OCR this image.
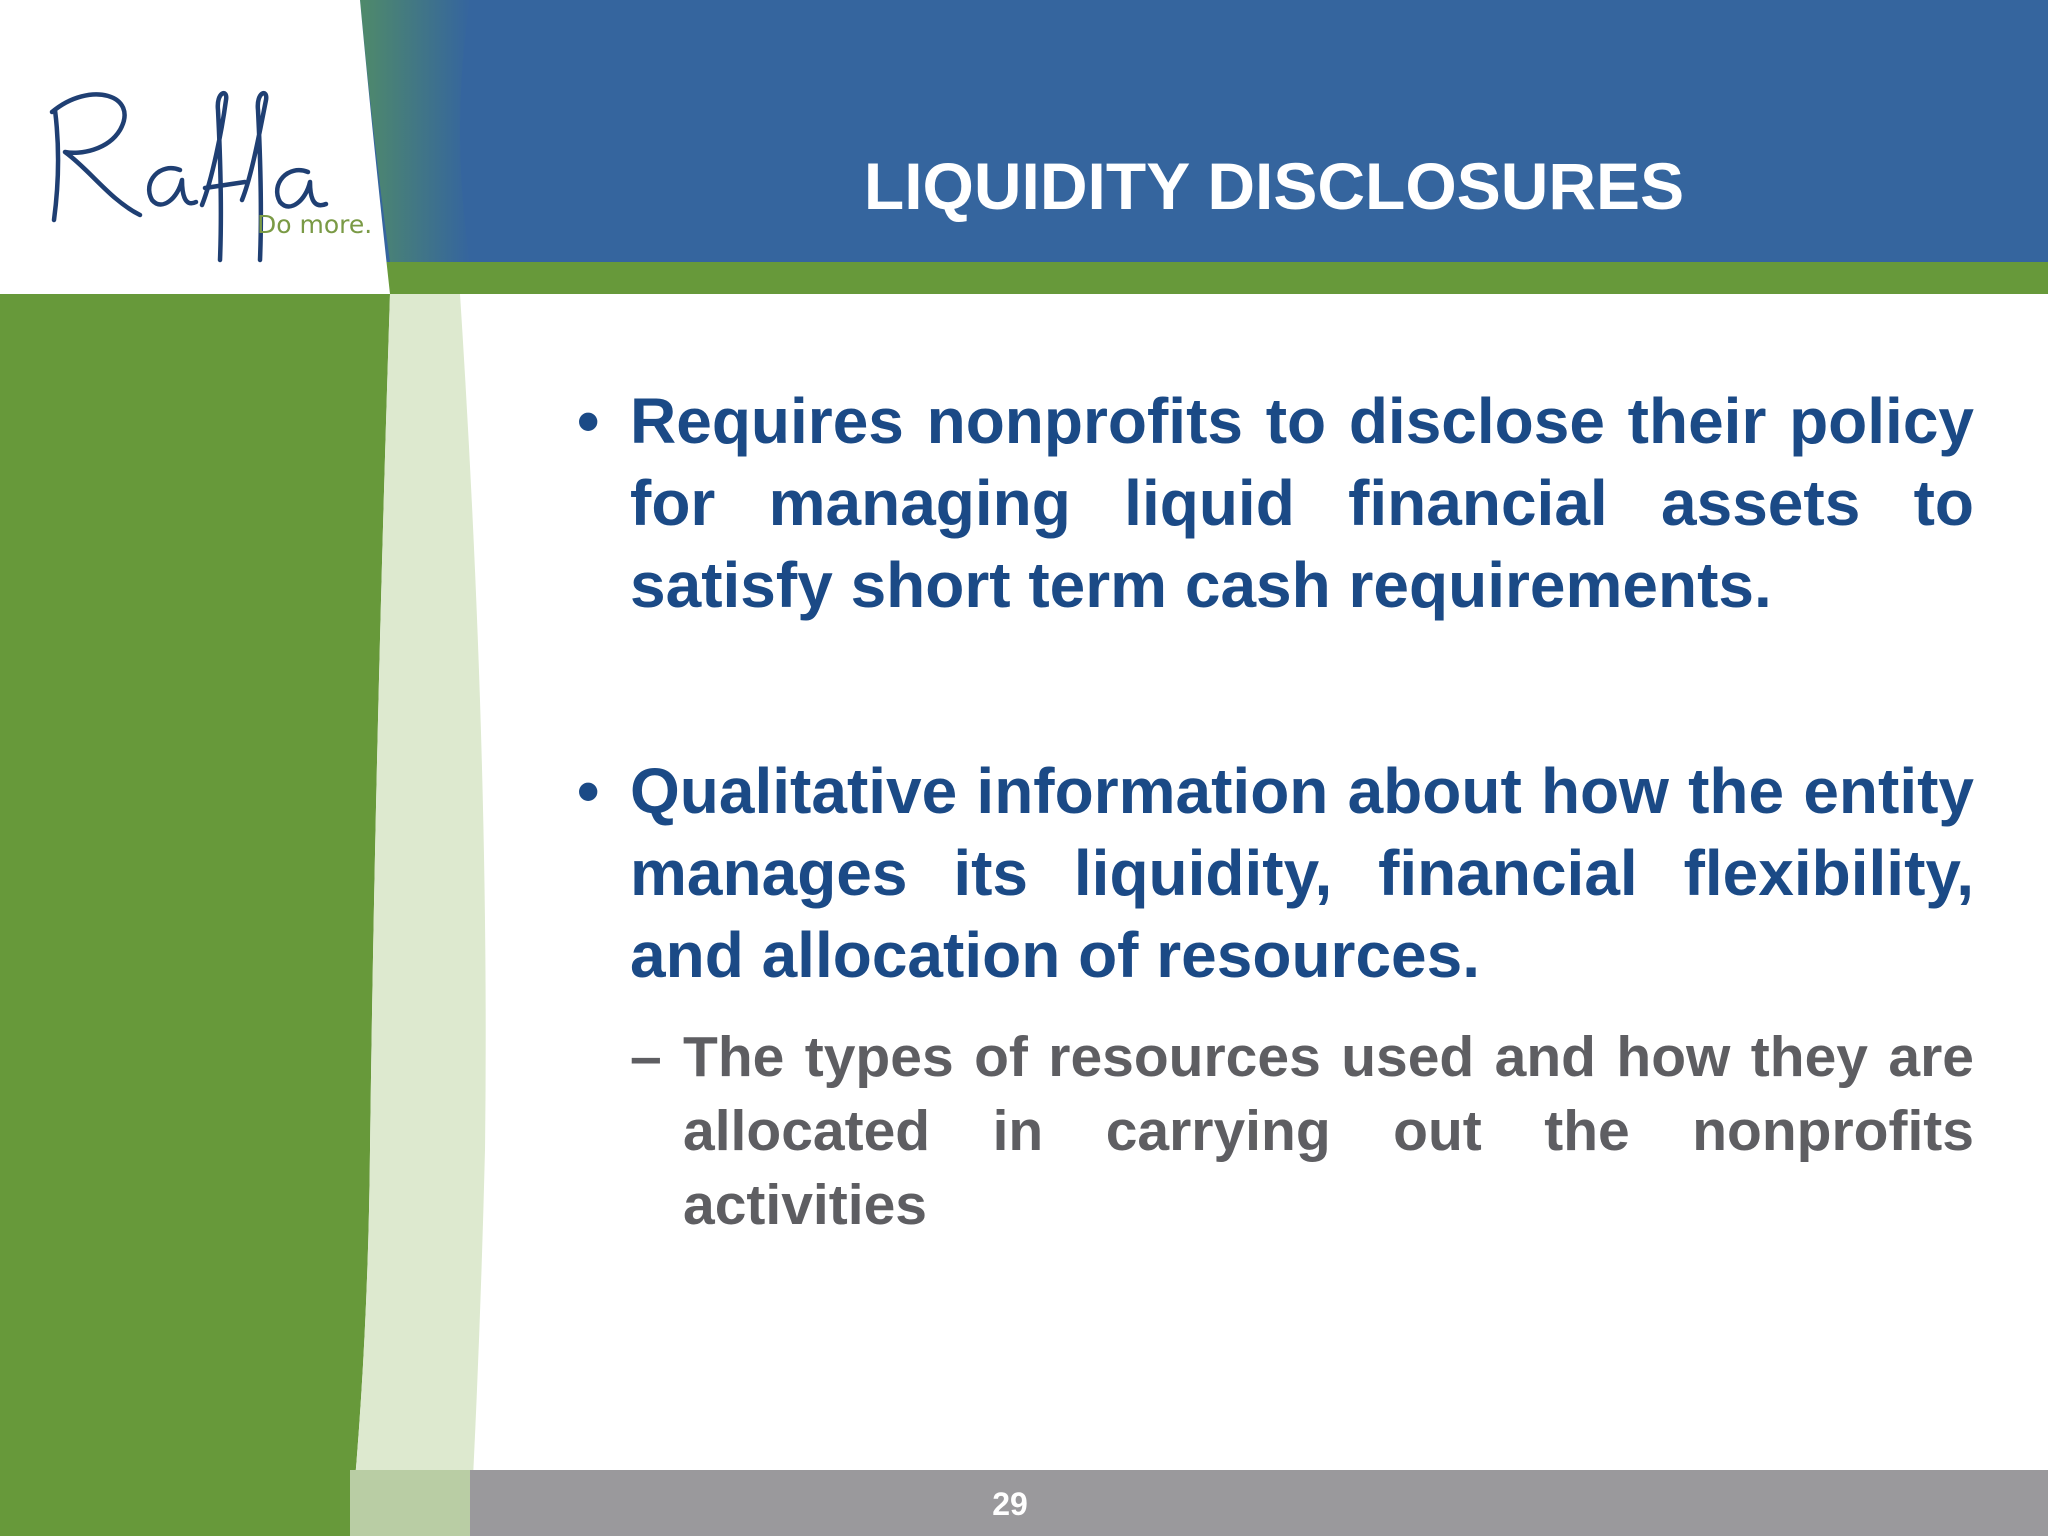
Do more.
LIQUIDITY DISCLOSURES
• Requires nonprofits to disclose their policy for managing liquid financial assets to satisfy short term cash requirements.
• Qualitative information about how the entity manages its liquidity, financial flexibility, and allocation of resources.
– The types of resources used and how they are allocated in carrying out the nonprofits activities
29
